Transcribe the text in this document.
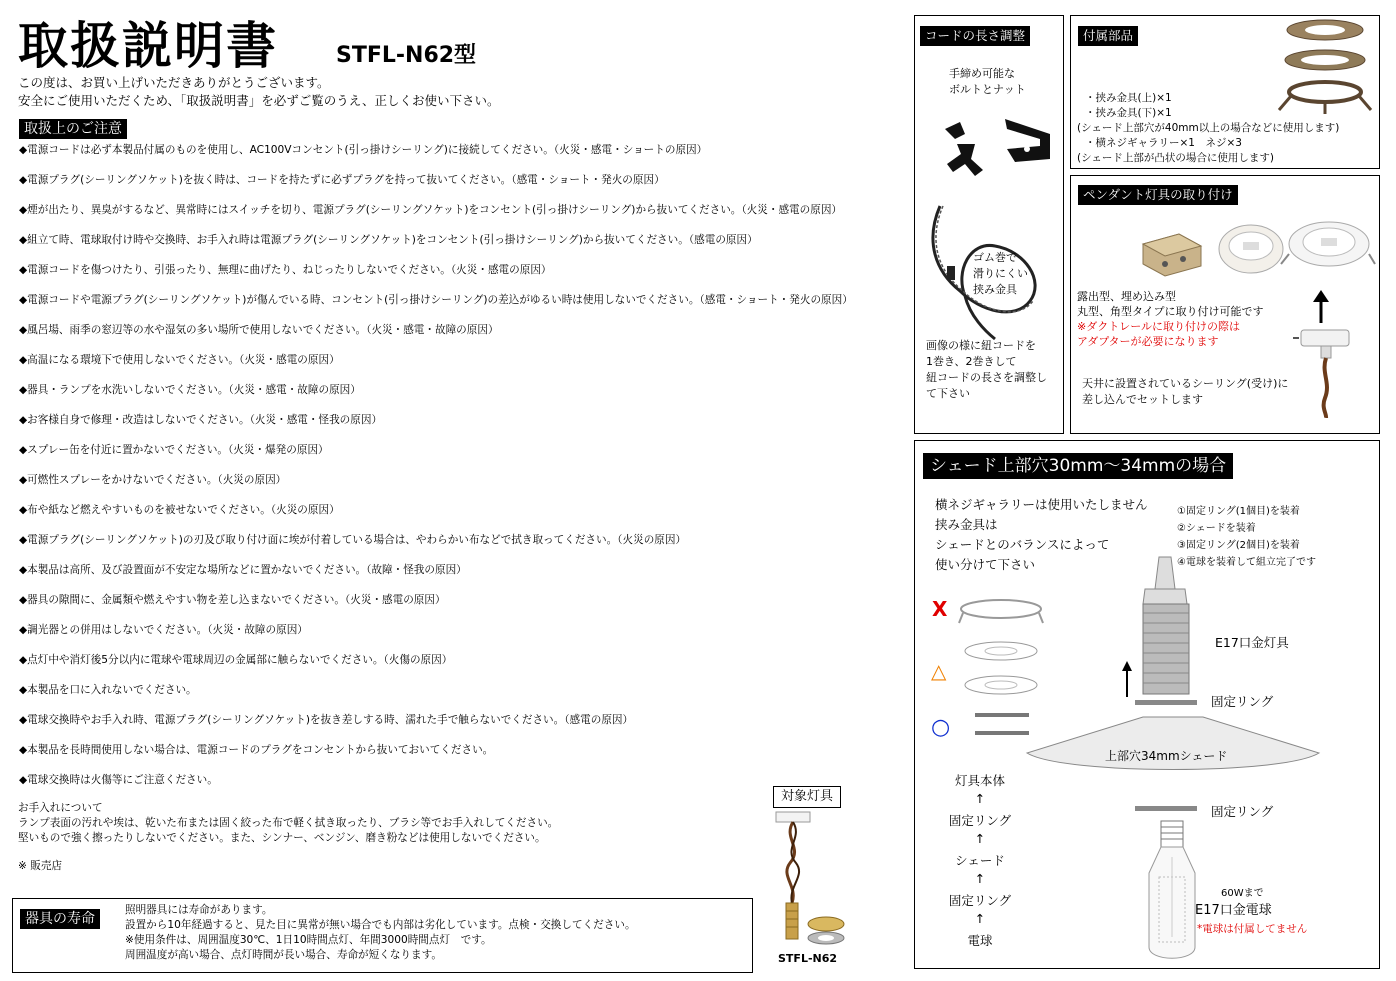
取扱説明書	STFL-N62型
この度は、お買い上げいただきありがとうございます。
安全にご使用いただくため、「取扱説明書」を必ずご覧のうえ、正しくお使い下さい。
取扱上のご注意
◆電源コードは必ず本製品付属のものを使用し、AC100Vコンセント(引っ掛けシーリング)に接続してください。（火災・感電・ショートの原因）
◆電源プラグ(シーリングソケット)を抜く時は、コードを持たずに必ずプラグを持って抜いてください。（感電・ショート・発火の原因）
◆煙が出たり、異臭がするなど、異常時にはスイッチを切り、電源プラグ(シーリングソケット)をコンセント(引っ掛けシーリング)から抜いてください。（火災・感電の原因）
◆組立て時、電球取付け時や交換時、お手入れ時は電源プラグ(シーリングソケット)をコンセント(引っ掛けシーリング)から抜いてください。（感電の原因）
◆電源コードを傷つけたり、引張ったり、無理に曲げたり、ねじったりしないでください。（火災・感電の原因）
◆電源コードや電源プラグ(シーリングソケット)が傷んでいる時、コンセント(引っ掛けシーリング)の差込がゆるい時は使用しないでください。（感電・ショート・発火の原因）
◆風呂場、雨季の窓辺等の水や湿気の多い場所で使用しないでください。（火災・感電・故障の原因）
◆高温になる環境下で使用しないでください。（火災・感電の原因）
◆器具・ランプを水洗いしないでください。（火災・感電・故障の原因）
◆お客様自身で修理・改造はしないでください。（火災・感電・怪我の原因）
◆スプレー缶を付近に置かないでください。（火災・爆発の原因）
◆可燃性スプレーをかけないでください。（火災の原因）
◆布や紙など燃えやすいものを被せないでください。（火災の原因）
◆電源プラグ(シーリングソケット)の刃及び取り付け面に埃が付着している場合は、やわらかい布などで拭き取ってください。（火災の原因）
◆本製品は高所、及び設置面が不安定な場所などに置かないでください。（故障・怪我の原因）
◆器具の隙間に、金属類や燃えやすい物を差し込まないでください。（火災・感電の原因）
◆調光器との併用はしないでください。（火災・故障の原因）
◆点灯中や消灯後5分以内に電球や電球周辺の金属部に触らないでください。（火傷の原因）
◆本製品を口に入れないでください。
◆電球交換時やお手入れ時、電源プラグ(シーリングソケット)を抜き差しする時、濡れた手で触らないでください。（感電の原因）
◆本製品を長時間使用しない場合は、電源コードのプラグをコンセントから抜いておいてください。
◆電球交換時は火傷等にご注意ください。
お手入れについて
ランプ表面の汚れや埃は、乾いた布または固く絞った布で軽く拭き取ったり、ブラシ等でお手入れしてください。
堅いもので強く擦ったりしないでください。また、シンナー、ベンジン、磨き粉などは使用しないでください。
※ 販売店
器具の寿命
照明器具には寿命があります。
設置から10年経過すると、見た目に異常が無い場合でも内部は劣化しています。点検・交換してください。
※使用条件は、周囲温度30℃、1日10時間点灯、年間3000時間点灯　です。
周囲温度が高い場合、点灯時間が長い場合、寿命が短くなります。
対象灯具
STFL-N62
コードの長さ調整
手締め可能な
ボルトとナット
ゴム巻で
滑りにくい
挟み金具
画像の様に紐コードを
1巻き、2巻きして
紐コードの長さを調整し
て下さい
付属部品
・挟み金具(上)×1
・挟み金具(下)×1
(シェード上部穴が40mm以上の場合などに使用します)
・横ネジギャラリー×1　ネジ×3
(シェード上部が凸状の場合に使用します)
ペンダント灯具の取り付け
露出型、埋め込み型
丸型、角型タイプに取り付け可能です
※ダクトレールに取り付けの際は
アダプターが必要になります
天井に設置されているシーリング(受け)に
差し込んでセットします
シェード上部穴30mm～34mmの場合
横ネジギャラリーは使用いたしません
挟み金具は
シェードとのバランスによって
使い分けて下さい
①固定リング(1個目)を装着
②シェードを装着
③固定リング(2個目)を装着
④電球を装着して組立完了です
X
△
○
E17口金灯具
固定リング
上部穴34mmシェード
固定リング
灯具本体
↑
固定リング
↑
シェード
↑
固定リング
↑
電球
60Wまで
E17口金電球
*電球は付属してません
